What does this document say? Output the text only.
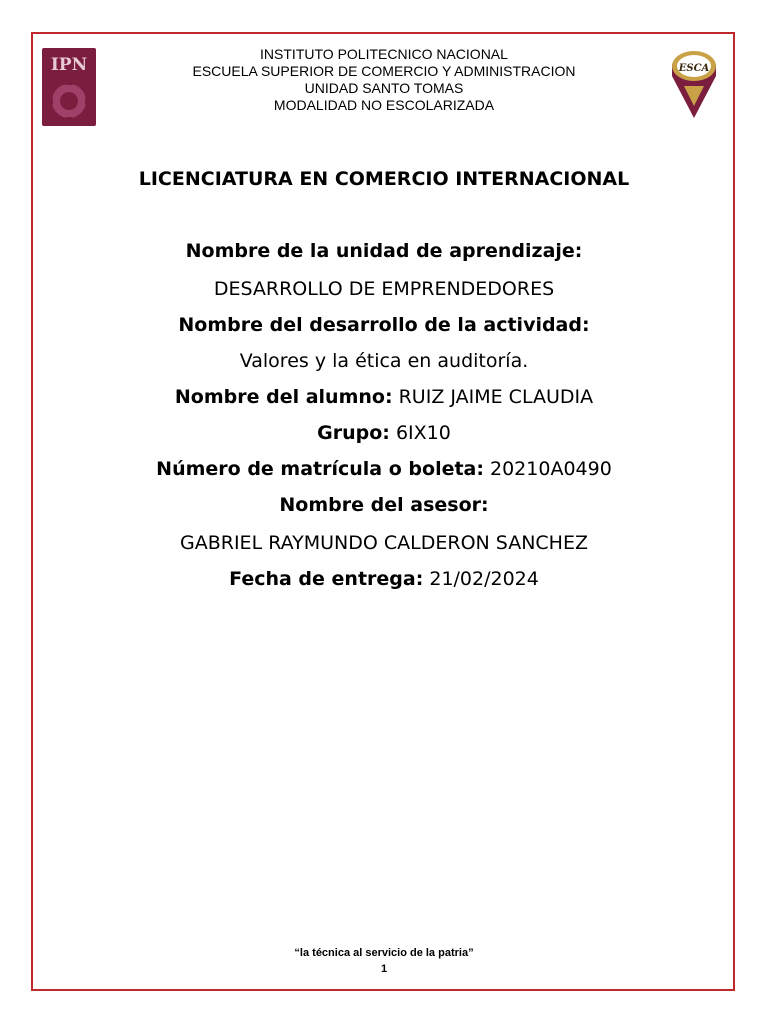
IPN	ESCA
INSTITUTO POLITECNICO NACIONAL
ESCUELA SUPERIOR DE COMERCIO Y ADMINISTRACION
UNIDAD SANTO TOMAS
MODALIDAD NO ESCOLARIZADA
LICENCIATURA EN COMERCIO INTERNACIONAL
Nombre de la unidad de aprendizaje:
DESARROLLO DE EMPRENDEDORES
Nombre del desarrollo de la actividad:
Valores y la ética en auditoría.
Nombre del alumno: RUIZ JAIME CLAUDIA
Grupo: 6IX10
Número de matrícula o boleta: 20210A0490
Nombre del asesor:
GABRIEL RAYMUNDO CALDERON SANCHEZ
Fecha de entrega: 21/02/2024
“la técnica al servicio de la patria”
1
